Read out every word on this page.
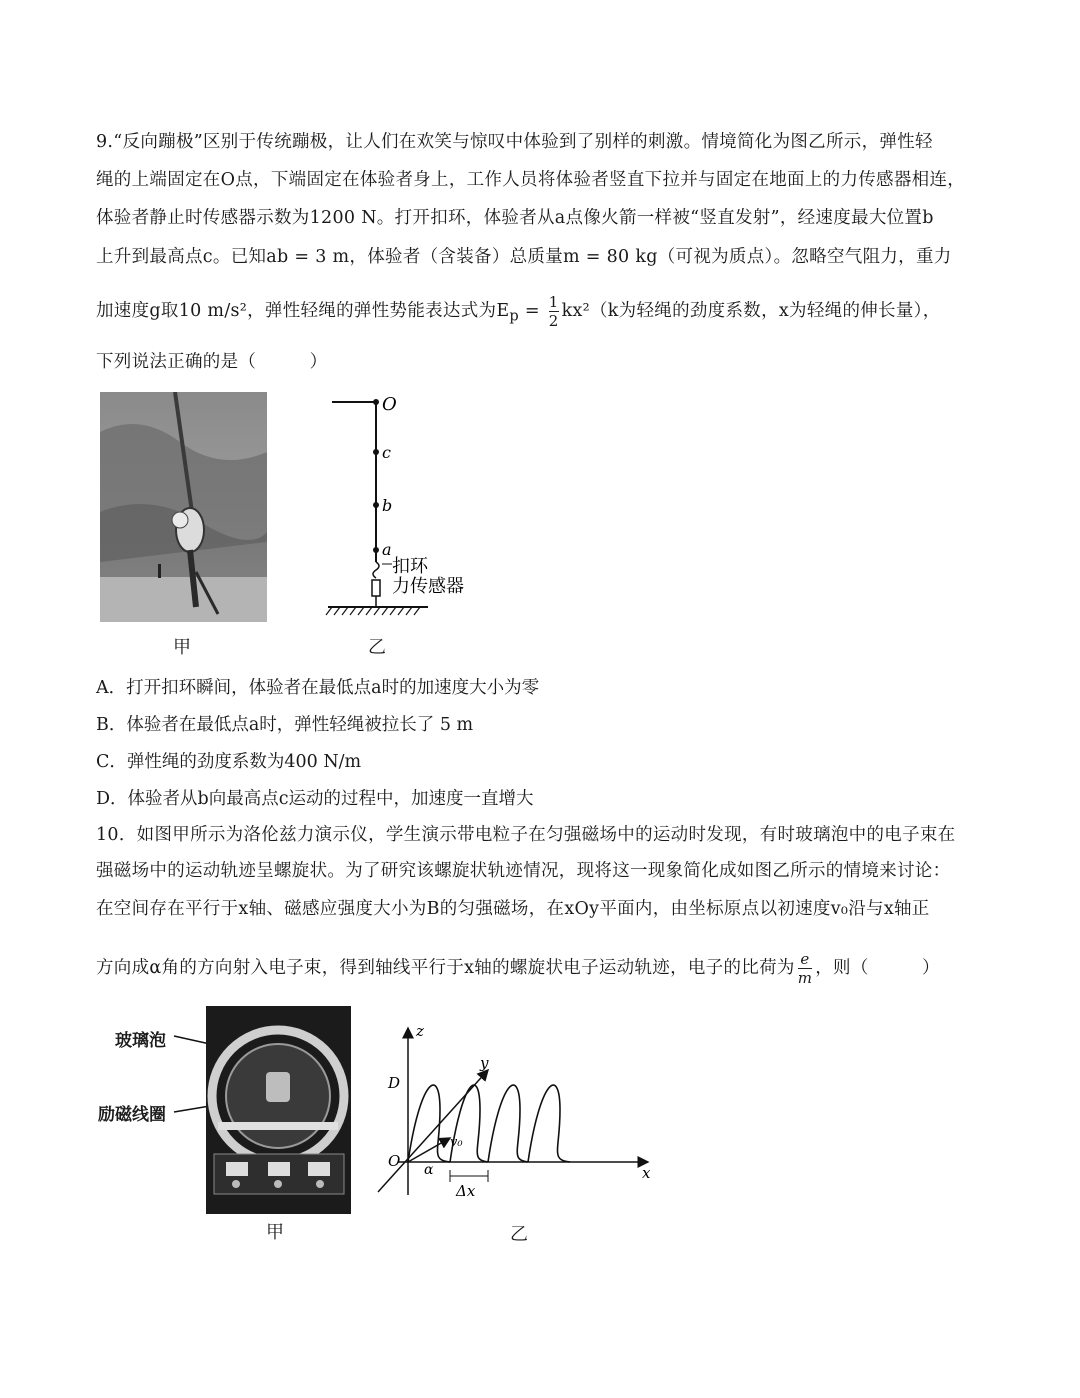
9.“反向蹦极”区别于传统蹦极，让人们在欢笑与惊叹中体验到了别样的刺激。情境简化为图乙所示，弹性轻
绳的上端固定在O点，下端固定在体验者身上，工作人员将体验者竖直下拉并与固定在地面上的力传感器相连，
体验者静止时传感器示数为1200 N。打开扣环，体验者从a点像火箭一样被“竖直发射”，经速度最大位置b
上升到最高点c。已知ab = 3 m，体验者（含装备）总质量m = 80 kg（可视为质点）。忽略空气阻力，重力
加速度g取10 m/s²，弹性轻绳的弹性势能表达式为$E_p = \frac{1}{2} kx^2(k$为轻绳的劲度系数，x为轻绳的伸长量），
下列说法正确的是（　　　）
甲
O
c
b
a
扣环
力传感器
乙
A．打开扣环瞬间，体验者在最低点a时的加速度大小为零
B．体验者在最低点a时，弹性轻绳被拉长了 5 m
C．弹性绳的劲度系数为400 N/m
D．体验者从b向最高点c运动的过程中，加速度一直增大
10．如图甲所示为洛伦兹力演示仪，学生演示带电粒子在匀强磁场中的运动时发现，有时玻璃泡中的电子束在
强磁场中的运动轨迹呈螺旋状。为了研究该螺旋状轨迹情况，现将这一现象简化成如图乙所示的情境来讨论：
在空间存在平行于x轴、磁感应强度大小为B的匀强磁场，在xOy平面内，由坐标原点以初速度v₀沿与x轴正
方向成α角的方向射入电子束，得到轴线平行于x轴的螺旋状电子运动轨迹，电子的比荷为 $\frac{e}{m}$ ，则（　　　）
玻璃泡
励磁线圈
甲
z
y
x
O
D
v₀
α
Δx
乙
